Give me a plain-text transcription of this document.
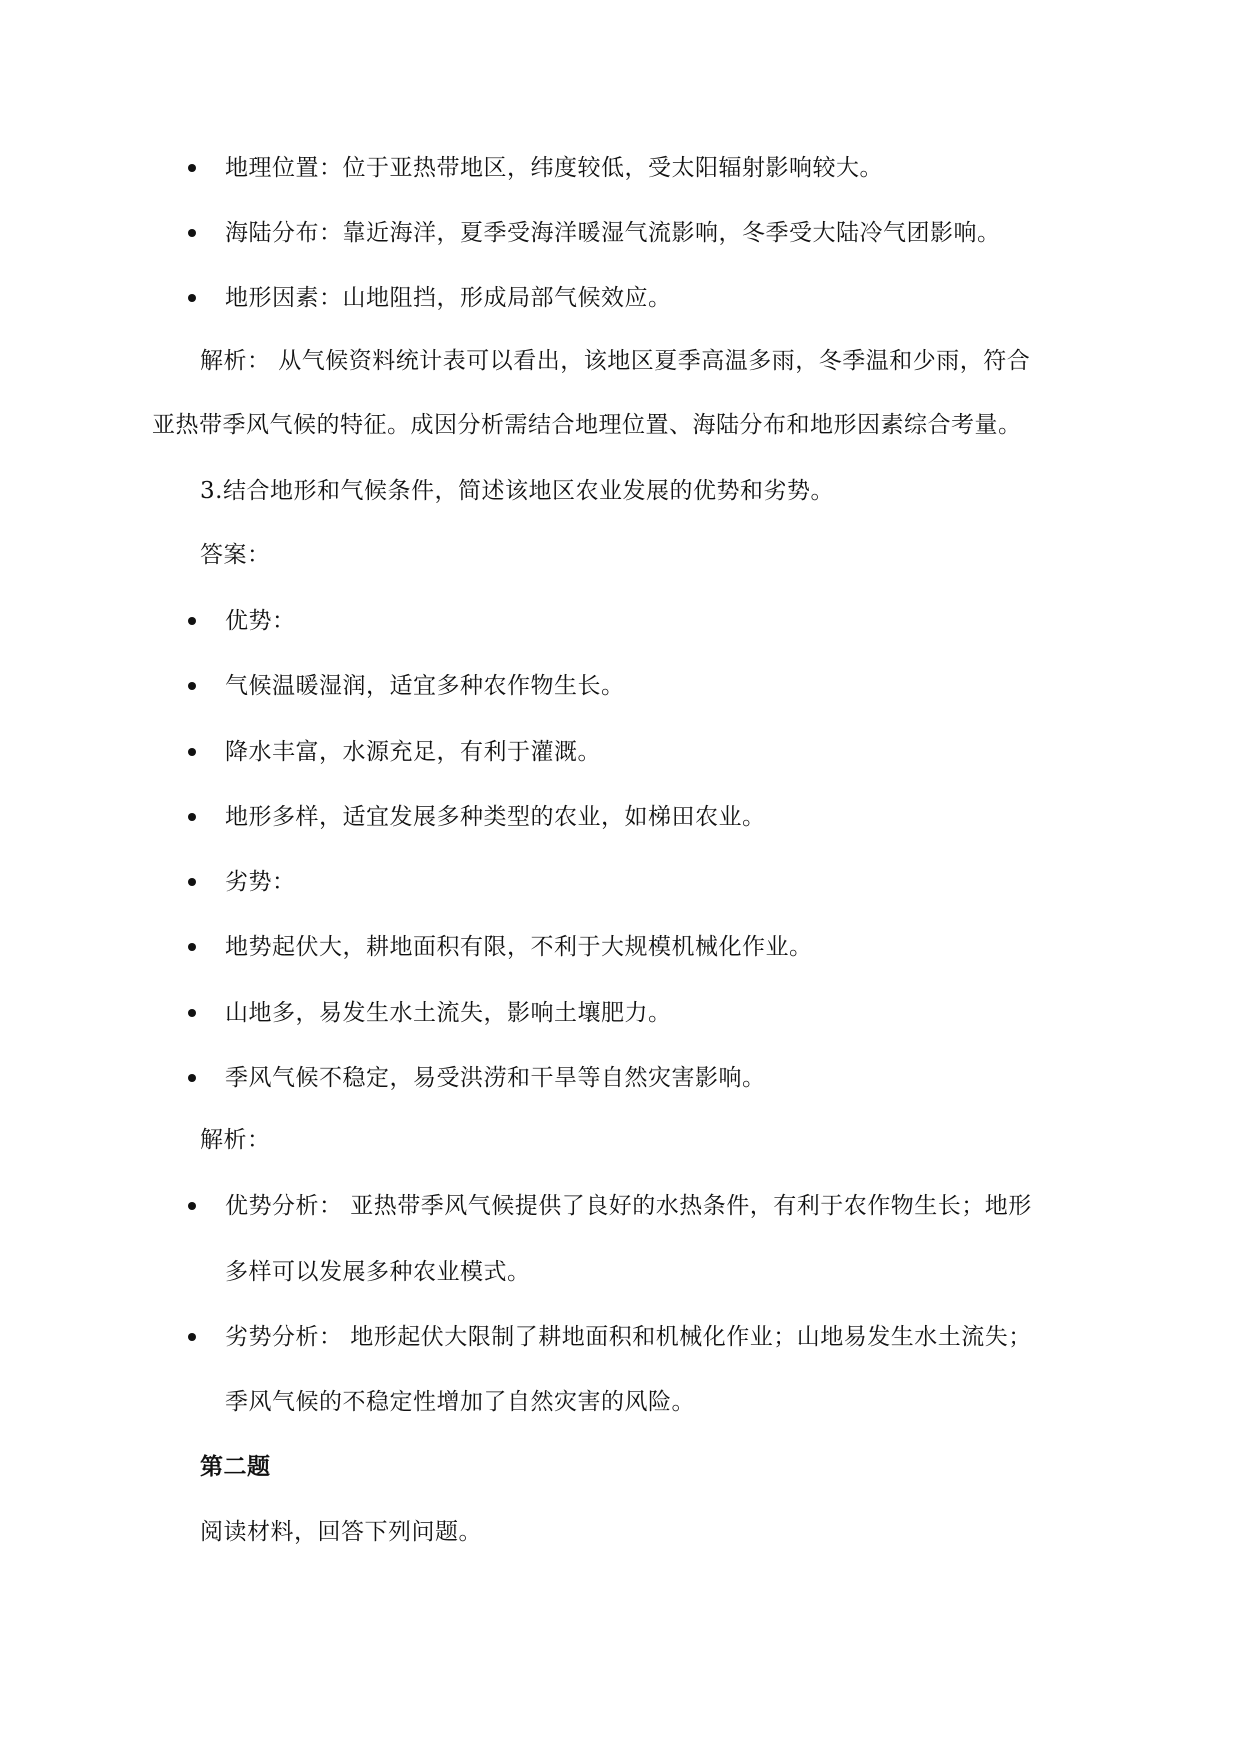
地理位置：位于亚热带地区，纬度较低，受太阳辐射影响较大。
海陆分布：靠近海洋，夏季受海洋暖湿气流影响，冬季受大陆冷气团影响。
地形因素：山地阻挡，形成局部气候效应。
解析： 从气候资料统计表可以看出，该地区夏季高温多雨，冬季温和少雨，符合
亚热带季风气候的特征。成因分析需结合地理位置、海陆分布和地形因素综合考量。
3.结合地形和气候条件，简述该地区农业发展的优势和劣势。
答案：
优势：
气候温暖湿润，适宜多种农作物生长。
降水丰富，水源充足，有利于灌溉。
地形多样，适宜发展多种类型的农业，如梯田农业。
劣势：
地势起伏大，耕地面积有限，不利于大规模机械化作业。
山地多，易发生水土流失，影响土壤肥力。
季风气候不稳定，易受洪涝和干旱等自然灾害影响。
解析：
优势分析： 亚热带季风气候提供了良好的水热条件，有利于农作物生长；地形
多样可以发展多种农业模式。
劣势分析： 地形起伏大限制了耕地面积和机械化作业；山地易发生水土流失；
季风气候的不稳定性增加了自然灾害的风险。
第二题
阅读材料，回答下列问题。
